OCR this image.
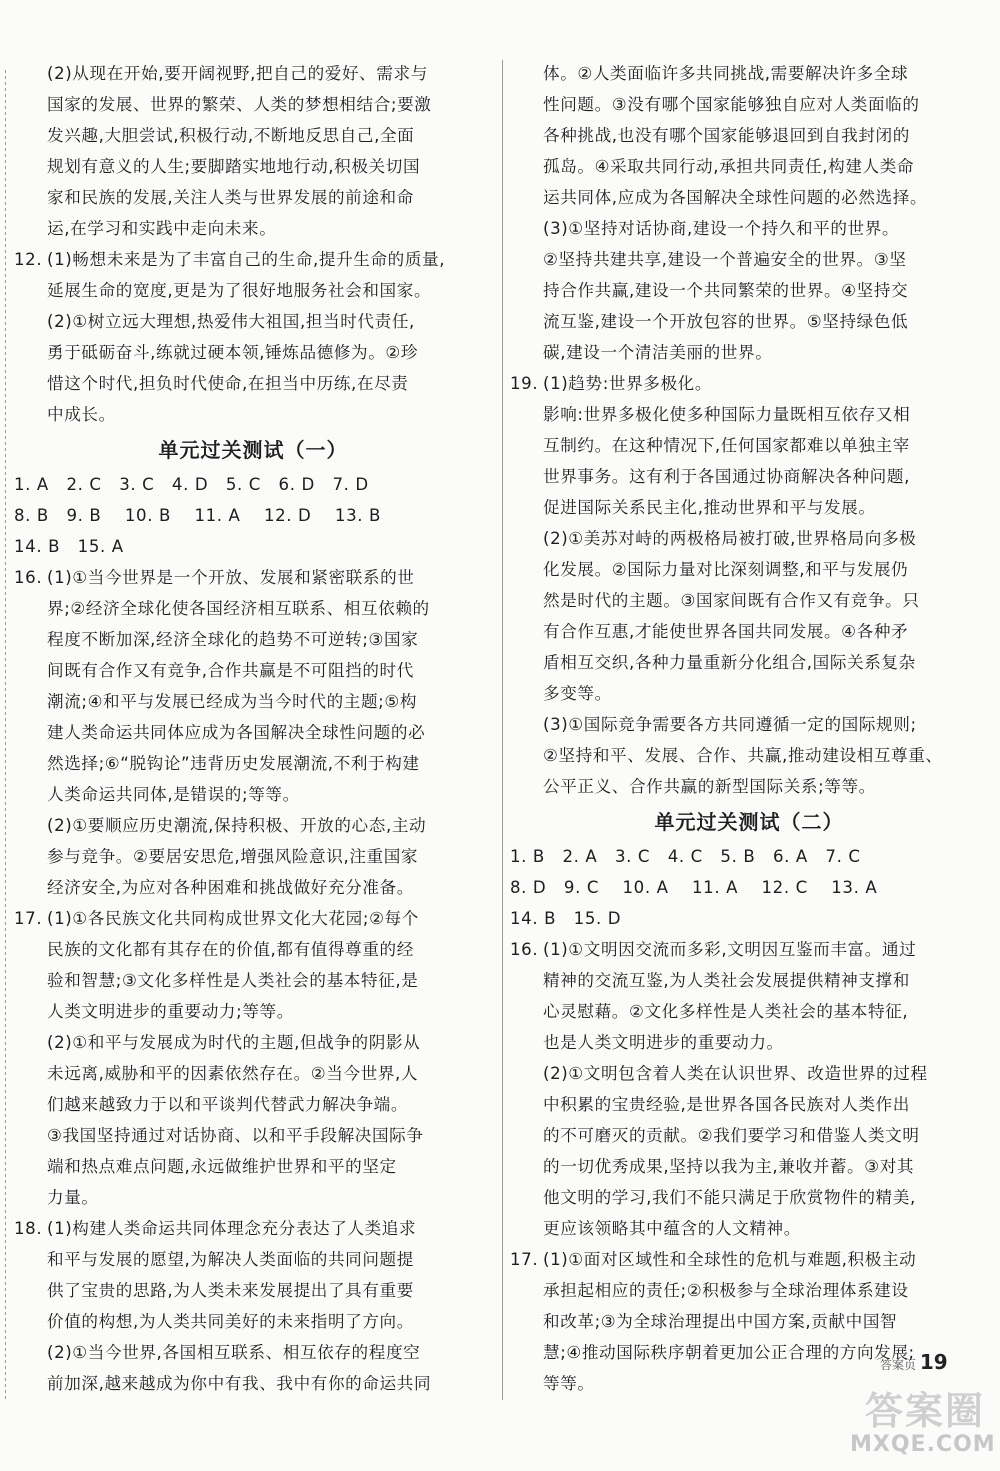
(2)从现在开始,要开阔视野,把自己的爱好、需求与

国家的发展、世界的繁荣、人类的梦想相结合;要激

发兴趣,大胆尝试,积极行动,不断地反思自己,全面

规划有意义的人生;要脚踏实地地行动,积极关切国

家和民族的发展,关注人类与世界发展的前途和命

运,在学习和实践中走向未来。

12. (1)畅想未来是为了丰富自己的生命,提升生命的质量,

延展生命的宽度,更是为了很好地服务社会和国家。

(2)①树立远大理想,热爱伟大祖国,担当时代责任,

勇于砥砺奋斗,练就过硬本领,锤炼品德修为。②珍

惜这个时代,担负时代使命,在担当中历练,在尽责

中成长。

单元过关测试（一）

1. A   2. C   3. C   4. D   5. C   6. D   7. D

8. B   9. B    10. B    11. A    12. D    13. B

14. B   15. A

16. (1)①当今世界是一个开放、发展和紧密联系的世

界;②经济全球化使各国经济相互联系、相互依赖的

程度不断加深,经济全球化的趋势不可逆转;③国家

间既有合作又有竞争,合作共赢是不可阻挡的时代

潮流;④和平与发展已经成为当今时代的主题;⑤构

建人类命运共同体应成为各国解决全球性问题的必

然选择;⑥“脱钩论”违背历史发展潮流,不利于构建

人类命运共同体,是错误的;等等。

(2)①要顺应历史潮流,保持积极、开放的心态,主动

参与竞争。②要居安思危,增强风险意识,注重国家

经济安全,为应对各种困难和挑战做好充分准备。

17. (1)①各民族文化共同构成世界文化大花园;②每个

民族的文化都有其存在的价值,都有值得尊重的经

验和智慧;③文化多样性是人类社会的基本特征,是

人类文明进步的重要动力;等等。

(2)①和平与发展成为时代的主题,但战争的阴影从

未远离,威胁和平的因素依然存在。②当今世界,人

们越来越致力于以和平谈判代替武力解决争端。

③我国坚持通过对话协商、以和平手段解决国际争

端和热点难点问题,永远做维护世界和平的坚定

力量。

18. (1)构建人类命运共同体理念充分表达了人类追求

和平与发展的愿望,为解决人类面临的共同问题提

供了宝贵的思路,为人类未来发展提出了具有重要

价值的构想,为人类共同美好的未来指明了方向。

(2)①当今世界,各国相互联系、相互依存的程度空

前加深,越来越成为你中有我、我中有你的命运共同

体。②人类面临许多共同挑战,需要解决许多全球

性问题。③没有哪个国家能够独自应对人类面临的

各种挑战,也没有哪个国家能够退回到自我封闭的

孤岛。④采取共同行动,承担共同责任,构建人类命

运共同体,应成为各国解决全球性问题的必然选择。

(3)①坚持对话协商,建设一个持久和平的世界。

②坚持共建共享,建设一个普遍安全的世界。③坚

持合作共赢,建设一个共同繁荣的世界。④坚持交

流互鉴,建设一个开放包容的世界。⑤坚持绿色低

碳,建设一个清洁美丽的世界。

19. (1)趋势:世界多极化。

影响:世界多极化使多种国际力量既相互依存又相

互制约。在这种情况下,任何国家都难以单独主宰

世界事务。这有利于各国通过协商解决各种问题,

促进国际关系民主化,推动世界和平与发展。

(2)①美苏对峙的两极格局被打破,世界格局向多极

化发展。②国际力量对比深刻调整,和平与发展仍

然是时代的主题。③国家间既有合作又有竞争。只

有合作互惠,才能使世界各国共同发展。④各种矛

盾相互交织,各种力量重新分化组合,国际关系复杂

多变等。

(3)①国际竞争需要各方共同遵循一定的国际规则;

②坚持和平、发展、合作、共赢,推动建设相互尊重、

公平正义、合作共赢的新型国际关系;等等。

单元过关测试（二）

1. B   2. A   3. C   4. C   5. B   6. A   7. C

8. D   9. C    10. A    11. A    12. C    13. A

14. B   15. D

16. (1)①文明因交流而多彩,文明因互鉴而丰富。通过

精神的交流互鉴,为人类社会发展提供精神支撑和

心灵慰藉。②文化多样性是人类社会的基本特征,

也是人类文明进步的重要动力。

(2)①文明包含着人类在认识世界、改造世界的过程

中积累的宝贵经验,是世界各国各民族对人类作出

的不可磨灭的贡献。②我们要学习和借鉴人类文明

的一切优秀成果,坚持以我为主,兼收并蓄。③对其

他文明的学习,我们不能只满足于欣赏物件的精美,

更应该领略其中蕴含的人文精神。

17. (1)①面对区域性和全球性的危机与难题,积极主动

承担起相应的责任;②积极参与全球治理体系建设

和改革;③为全球治理提出中国方案,贡献中国智

慧;④推动国际秩序朝着更加公正合理的方向发展;

等等。

答案页 19
答案圈
MXQE.COM
